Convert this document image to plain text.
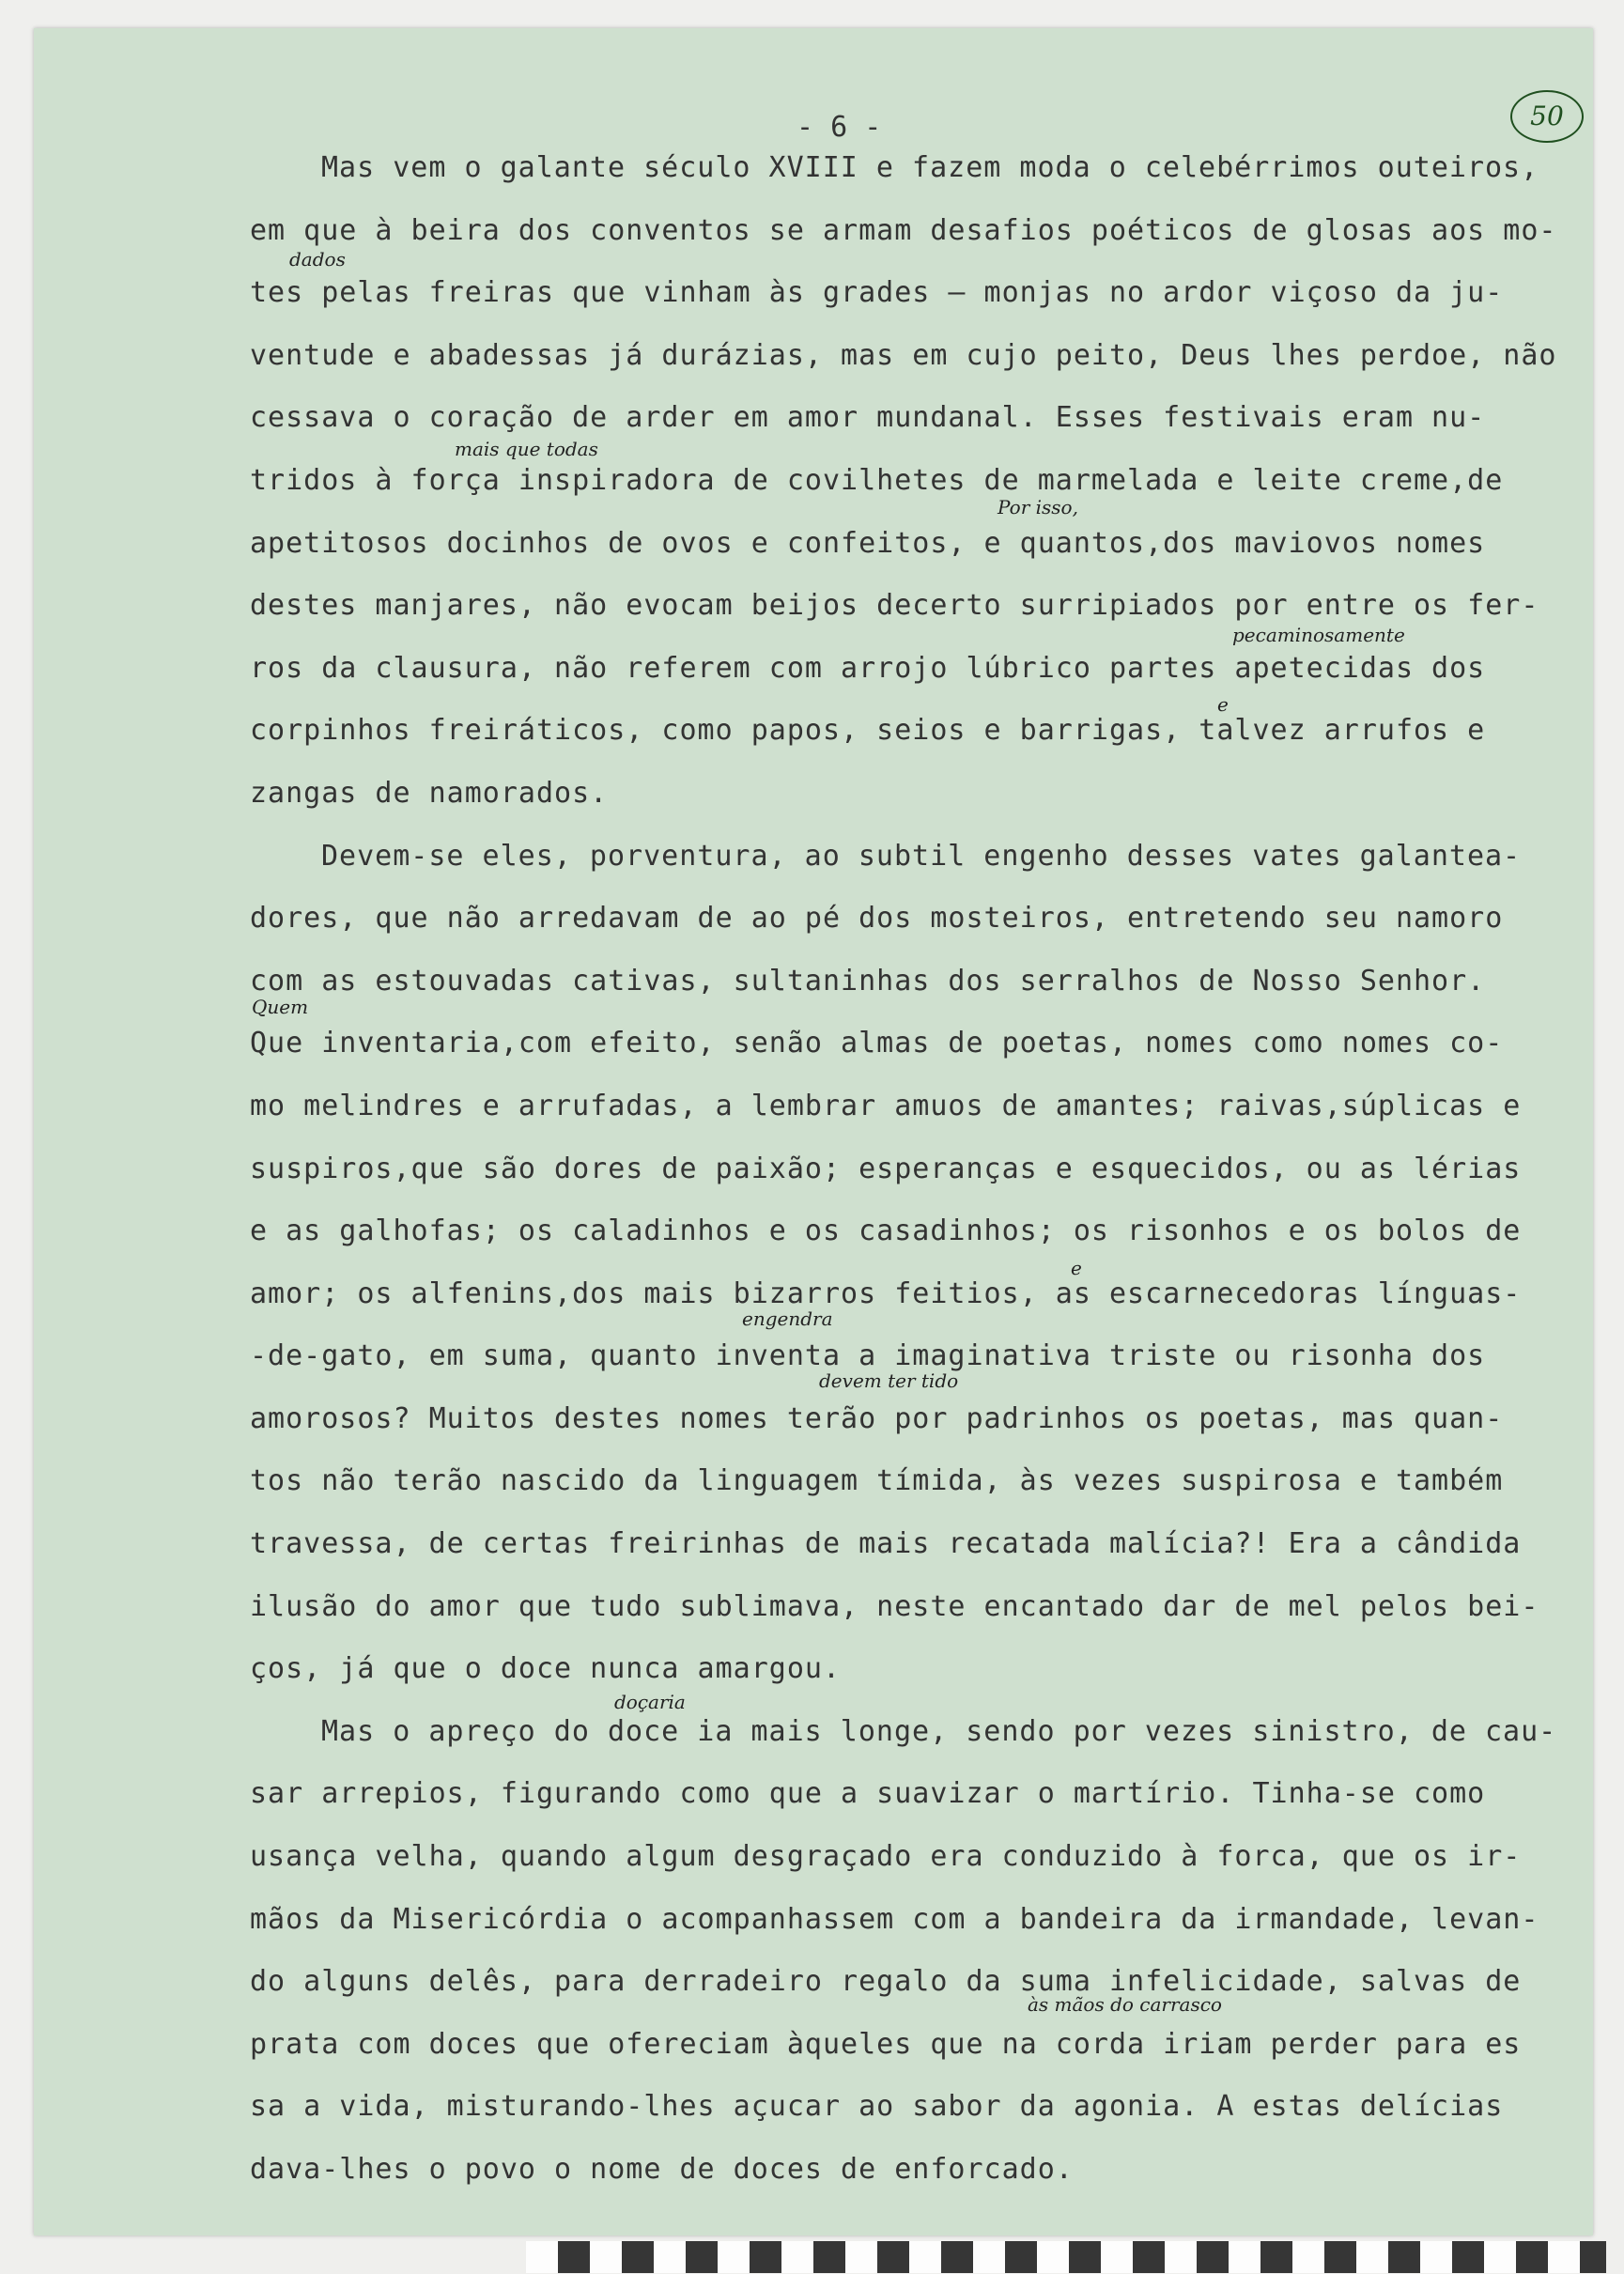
- 6 -	50
Mas vem o galante século XVIII e fazem moda o celebérrimos outeiros,
em que à beira dos conventos se armam desafios poéticos de glosas aos mo-
tes pelas freiras que vinham às grades — monjas no ardor viçoso da ju-
ventude e abadessas já durázias, mas em cujo peito, Deus lhes perdoe, não
cessava o coração de arder em amor mundanal. Esses festivais eram nu-
tridos à força inspiradora de covilhetes de marmelada e leite creme,de
apetitosos docinhos de ovos e confeitos, e quantos,dos maviovos nomes
destes manjares, não evocam beijos decerto surripiados por entre os fer-
ros da clausura, não referem com arrojo lúbrico partes apetecidas dos
corpinhos freiráticos, como papos, seios e barrigas, talvez arrufos e
zangas de namorados.
Devem-se eles, porventura, ao subtil engenho desses vates galantea-
dores, que não arredavam de ao pé dos mosteiros, entretendo seu namoro
com as estouvadas cativas, sultaninhas dos serralhos de Nosso Senhor.
Que inventaria,com efeito, senão almas de poetas, nomes como nomes co-
mo melindres e arrufadas, a lembrar amuos de amantes; raivas,súplicas e
suspiros,que são dores de paixão; esperanças e esquecidos, ou as lérias
e as galhofas; os caladinhos e os casadinhos; os risonhos e os bolos de
amor; os alfenins,dos mais bizarros feitios, as escarnecedoras línguas-
-de-gato, em suma, quanto inventa a imaginativa triste ou risonha dos
amorosos? Muitos destes nomes terão por padrinhos os poetas, mas quan-
tos não terão nascido da linguagem tímida, às vezes suspirosa e também
travessa, de certas freirinhas de mais recatada malícia?! Era a cândida
ilusão do amor que tudo sublimava, neste encantado dar de mel pelos bei-
ços, já que o doce nunca amargou.
Mas o apreço do doce ia mais longe, sendo por vezes sinistro, de cau-
sar arrepios, figurando como que a suavizar o martírio. Tinha-se como
usança velha, quando algum desgraçado era conduzido à forca, que os ir-
mãos da Misericórdia o acompanhassem com a bandeira da irmandade, levan-
do alguns delês, para derradeiro regalo da suma infelicidade, salvas de
prata com doces que ofereciam àqueles que na corda iriam perder para es
sa a vida, misturando-lhes açucar ao sabor da agonia. A estas delícias
dava-lhes o povo o nome de doces de enforcado.
dados
mais que todas
Por isso,
pecaminosamente
e
Quem
e
engendra
devem ter tido
doçaria
às mãos do carrasco
